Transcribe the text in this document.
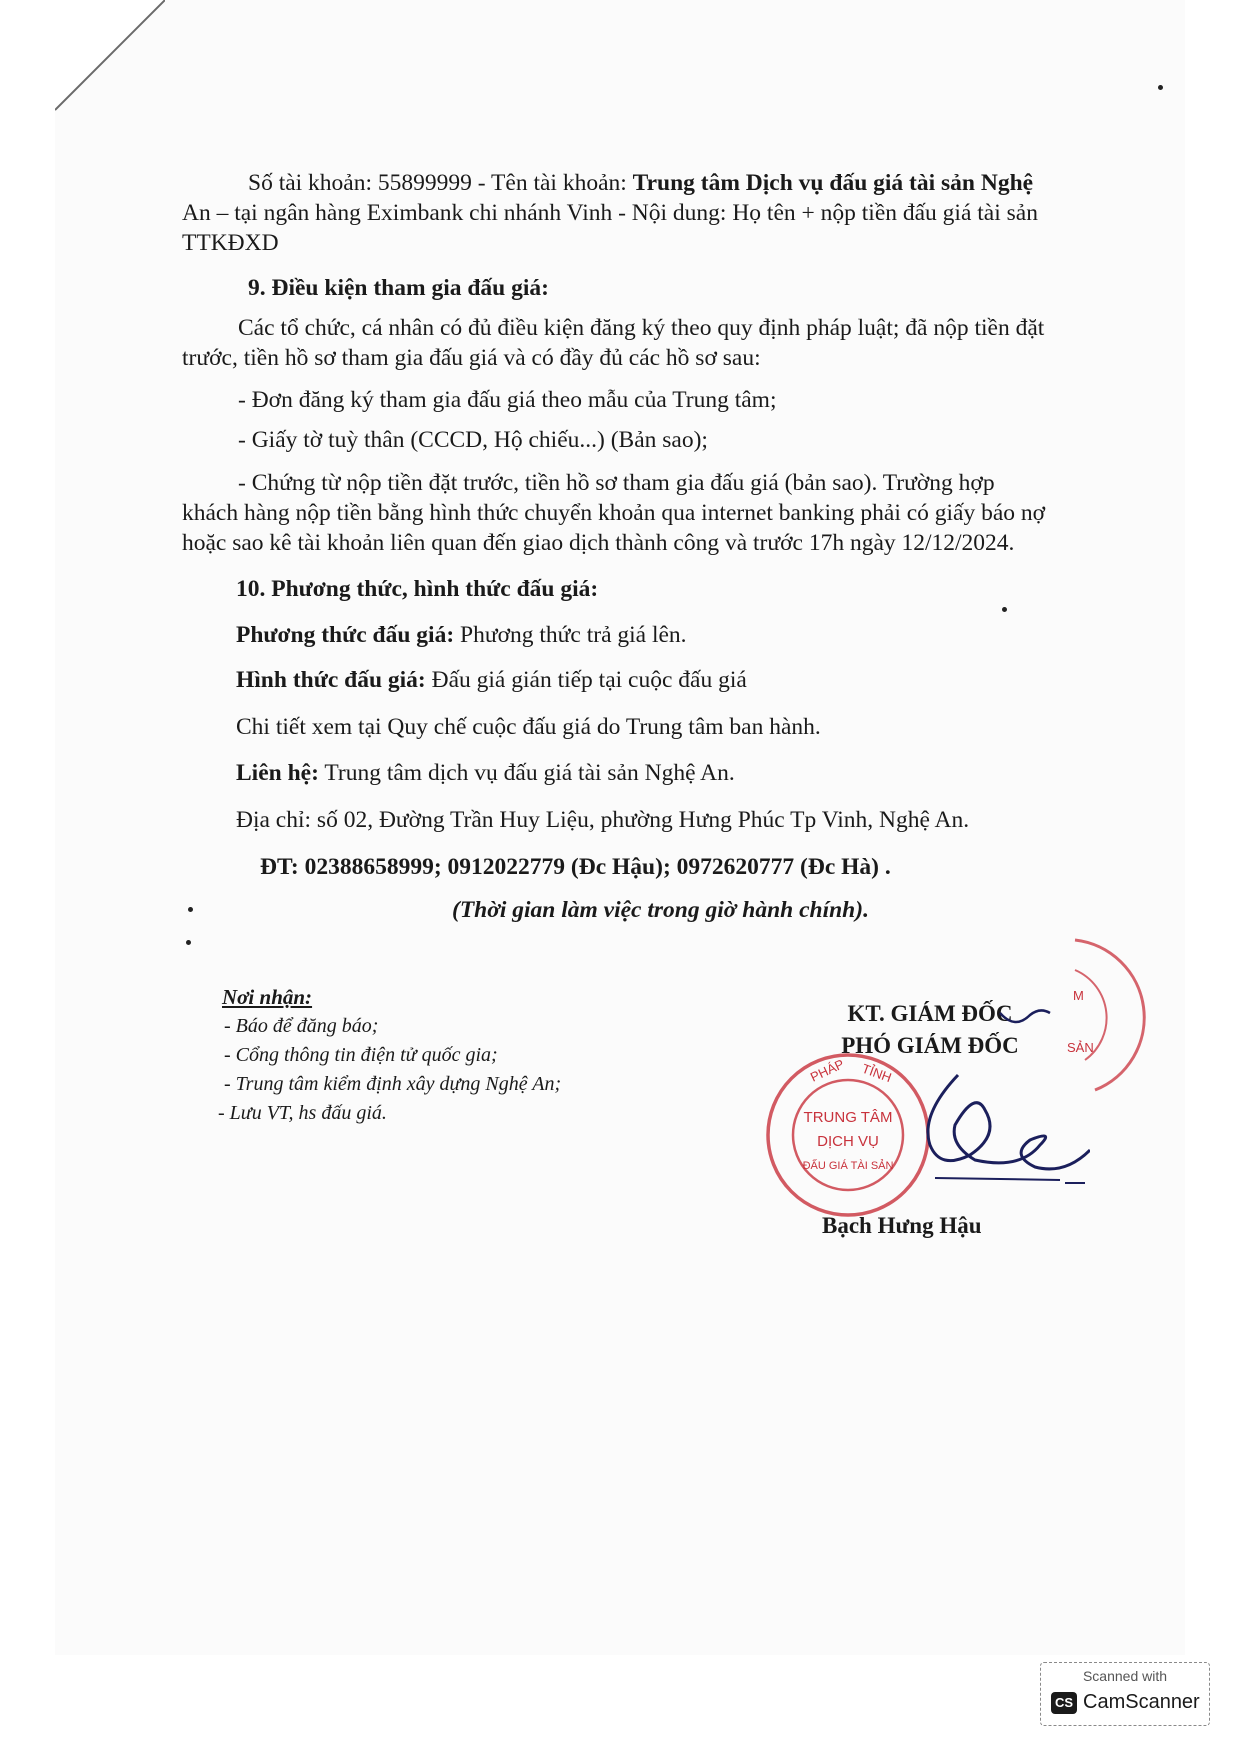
Số tài khoản: 55899999 - Tên tài khoản: Trung tâm Dịch vụ đấu giá tài sản Nghệ
An – tại ngân hàng Eximbank chi nhánh Vinh - Nội dung: Họ tên + nộp tiền đấu giá tài sản
TTKĐXD
9. Điều kiện tham gia đấu giá:
Các tổ chức, cá nhân có đủ điều kiện đăng ký theo quy định pháp luật; đã nộp tiền đặt
trước, tiền hồ sơ tham gia đấu giá và có đầy đủ các hồ sơ sau:
- Đơn đăng ký tham gia đấu giá theo mẫu của Trung tâm;
- Giấy tờ tuỳ thân (CCCD, Hộ chiếu...) (Bản sao);
- Chứng từ nộp tiền đặt trước, tiền hồ sơ tham gia đấu giá (bản sao). Trường hợp
khách hàng nộp tiền bằng hình thức chuyển khoản qua internet banking phải có giấy báo nợ
hoặc sao kê tài khoản liên quan đến giao dịch thành công và trước 17h ngày 12/12/2024.
10. Phương thức, hình thức đấu giá:
Phương thức đấu giá: Phương thức trả giá lên.
Hình thức đấu giá: Đấu giá gián tiếp tại cuộc đấu giá
Chi tiết xem tại Quy chế cuộc đấu giá do Trung tâm ban hành.
Liên hệ: Trung tâm dịch vụ đấu giá tài sản Nghệ An.
Địa chỉ: số 02, Đường Trần Huy Liệu, phường Hưng Phúc Tp Vinh, Nghệ An.
ĐT: 02388658999; 0912022779 (Đc Hậu); 0972620777 (Đc Hà) .
(Thời gian làm việc trong giờ hành chính).
Nơi nhận:
- Báo để đăng báo;
- Cổng thông tin điện tử quốc gia;
- Trung tâm kiểm định xây dựng Nghệ An;
- Lưu VT, hs đấu giá.
KT. GIÁM ĐỐC
PHÓ GIÁM ĐỐC
PHÁP TỈNH
TRUNG TÂM
DỊCH VỤ
ĐẤU GIÁ TÀI SẢN
M
SẢN
Bạch Hưng Hậu
Scanned with
CS CamScanner
